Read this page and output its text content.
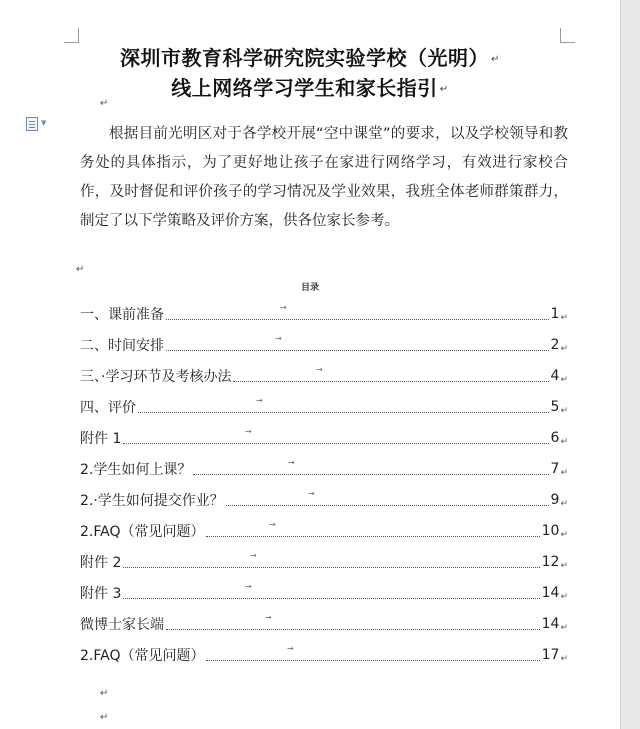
深圳市教育科学研究院实验学校（光明） ↵
线上网络学习学生和家长指引 ↵
↵
▼
根据目前光明区对于各学校开展“空中课堂”的要求，以及学校领导和教务处的具体指示，为了更好地让孩子在家进行网络学习，有效进行家校合作，及时督促和评价孩子的学习情况及学业效果，我班全体老师群策群力，制定了以下学策略及评价方案，供各位家长参考。
↵
目录
一、课前准备	1 ↵
→
二、时间安排	2 ↵
→
三、·学习环节及考核办法	4 ↵
→
四、评价	5 ↵
→
附件 1	6 ↵
→
2.学生如何上课？	7 ↵
→
2.·学生如何提交作业？	9 ↵
→
2.FAQ（常见问题）	10 ↵
→
附件 2	12 ↵
→
附件 3	14 ↵
→
微博士家长端	14 ↵
→
2.FAQ（常见问题）	17 ↵
→
↵
↵
